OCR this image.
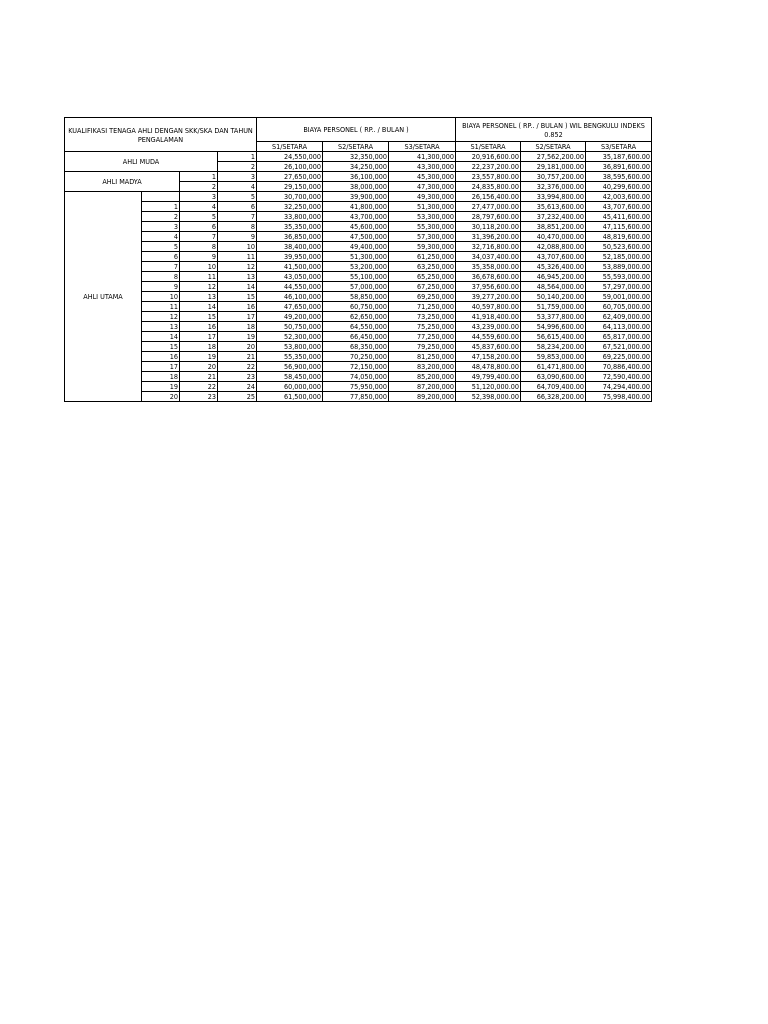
KUALIFIKASI TENAGA AHLI DENGAN SKK/SKA DAN TAHUN PENGALAMAN				BIAYA PERSONEL ( RP.. / BULAN )			BIAYA PERSONEL ( RP.. / BULAN ) WIL BENGKULU INDEKS 0.852		
				S1/SETARA	S2/SETARA	S3/SETARA	S1/SETARA	S2/SETARA	S3/SETARA
AHLI MUDA			1	24,550,000	32,350,000	41,300,000	20,916,600.00	27,562,200.00	35,187,600.00
			2	26,100,000	34,250,000	43,300,000	22,237,200.00	29,181,000.00	36,891,600.00
AHLI MADYA		1	3	27,650,000	36,100,000	45,300,000	23,557,800.00	30,757,200.00	38,595,600.00
		2	4	29,150,000	38,000,000	47,300,000	24,835,800.00	32,376,000.00	40,299,600.00
AHLI UTAMA		3	5	30,700,000	39,900,000	49,300,000	26,156,400.00	33,994,800.00	42,003,600.00
	1	4	6	32,250,000	41,800,000	51,300,000	27,477,000.00	35,613,600.00	43,707,600.00
	2	5	7	33,800,000	43,700,000	53,300,000	28,797,600.00	37,232,400.00	45,411,600.00
	3	6	8	35,350,000	45,600,000	55,300,000	30,118,200.00	38,851,200.00	47,115,600.00
	4	7	9	36,850,000	47,500,000	57,300,000	31,396,200.00	40,470,000.00	48,819,600.00
	5	8	10	38,400,000	49,400,000	59,300,000	32,716,800.00	42,088,800.00	50,523,600.00
	6	9	11	39,950,000	51,300,000	61,250,000	34,037,400.00	43,707,600.00	52,185,000.00
	7	10	12	41,500,000	53,200,000	63,250,000	35,358,000.00	45,326,400.00	53,889,000.00
	8	11	13	43,050,000	55,100,000	65,250,000	36,678,600.00	46,945,200.00	55,593,000.00
	9	12	14	44,550,000	57,000,000	67,250,000	37,956,600.00	48,564,000.00	57,297,000.00
	10	13	15	46,100,000	58,850,000	69,250,000	39,277,200.00	50,140,200.00	59,001,000.00
	11	14	16	47,650,000	60,750,000	71,250,000	40,597,800.00	51,759,000.00	60,705,000.00
	12	15	17	49,200,000	62,650,000	73,250,000	41,918,400.00	53,377,800.00	62,409,000.00
	13	16	18	50,750,000	64,550,000	75,250,000	43,239,000.00	54,996,600.00	64,113,000.00
	14	17	19	52,300,000	66,450,000	77,250,000	44,559,600.00	56,615,400.00	65,817,000.00
	15	18	20	53,800,000	68,350,000	79,250,000	45,837,600.00	58,234,200.00	67,521,000.00
	16	19	21	55,350,000	70,250,000	81,250,000	47,158,200.00	59,853,000.00	69,225,000.00
	17	20	22	56,900,000	72,150,000	83,200,000	48,478,800.00	61,471,800.00	70,886,400.00
	18	21	23	58,450,000	74,050,000	85,200,000	49,799,400.00	63,090,600.00	72,590,400.00
	19	22	24	60,000,000	75,950,000	87,200,000	51,120,000.00	64,709,400.00	74,294,400.00
	20	23	25	61,500,000	77,850,000	89,200,000	52,398,000.00	66,328,200.00	75,998,400.00
